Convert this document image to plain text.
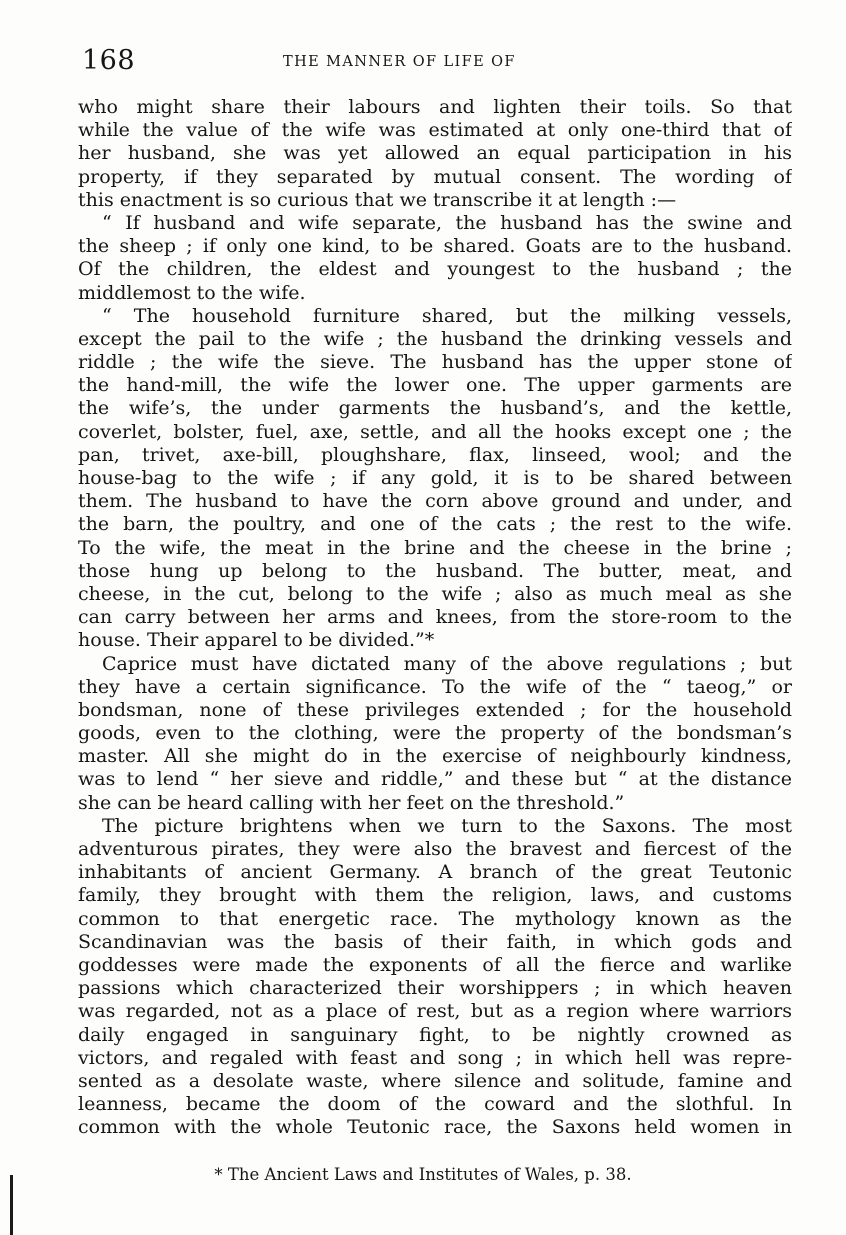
168	THE MANNER OF LIFE OF
who might share their labours and lighten their toils. So that
while the value of the wife was estimated at only one-third that of
her husband, she was yet allowed an equal participation in his
property, if they separated by mutual consent. The wording of
this enactment is so curious that we transcribe it at length :—
“ If husband and wife separate, the husband has the swine and
the sheep ; if only one kind, to be shared. Goats are to the husband.
Of the children, the eldest and youngest to the husband ; the
middlemost to the wife.
“ The household furniture shared, but the milking vessels,
except the pail to the wife ; the husband the drinking vessels and
riddle ; the wife the sieve. The husband has the upper stone of
the hand-mill, the wife the lower one. The upper garments are
the wife’s, the under garments the husband’s, and the kettle,
coverlet, bolster, fuel, axe, settle, and all the hooks except one ; the
pan, trivet, axe-bill, ploughshare, flax, linseed, wool; and the
house-bag to the wife ; if any gold, it is to be shared between
them. The husband to have the corn above ground and under, and
the barn, the poultry, and one of the cats ; the rest to the wife.
To the wife, the meat in the brine and the cheese in the brine ;
those hung up belong to the husband. The butter, meat, and
cheese, in the cut, belong to the wife ; also as much meal as she
can carry between her arms and knees, from the store-room to the
house. Their apparel to be divided.”*
Caprice must have dictated many of the above regulations ; but
they have a certain significance. To the wife of the “ taeog,” or
bondsman, none of these privileges extended ; for the household
goods, even to the clothing, were the property of the bondsman’s
master. All she might do in the exercise of neighbourly kindness,
was to lend “ her sieve and riddle,” and these but “ at the distance
she can be heard calling with her feet on the threshold.”
The picture brightens when we turn to the Saxons. The most
adventurous pirates, they were also the bravest and fiercest of the
inhabitants of ancient Germany. A branch of the great Teutonic
family, they brought with them the religion, laws, and customs
common to that energetic race. The mythology known as the
Scandinavian was the basis of their faith, in which gods and
goddesses were made the exponents of all the fierce and warlike
passions which characterized their worshippers ; in which heaven
was regarded, not as a place of rest, but as a region where warriors
daily engaged in sanguinary fight, to be nightly crowned as
victors, and regaled with feast and song ; in which hell was repre-
sented as a desolate waste, where silence and solitude, famine and
leanness, became the doom of the coward and the slothful. In
common with the whole Teutonic race, the Saxons held women in
* The Ancient Laws and Institutes of Wales, p. 38.
